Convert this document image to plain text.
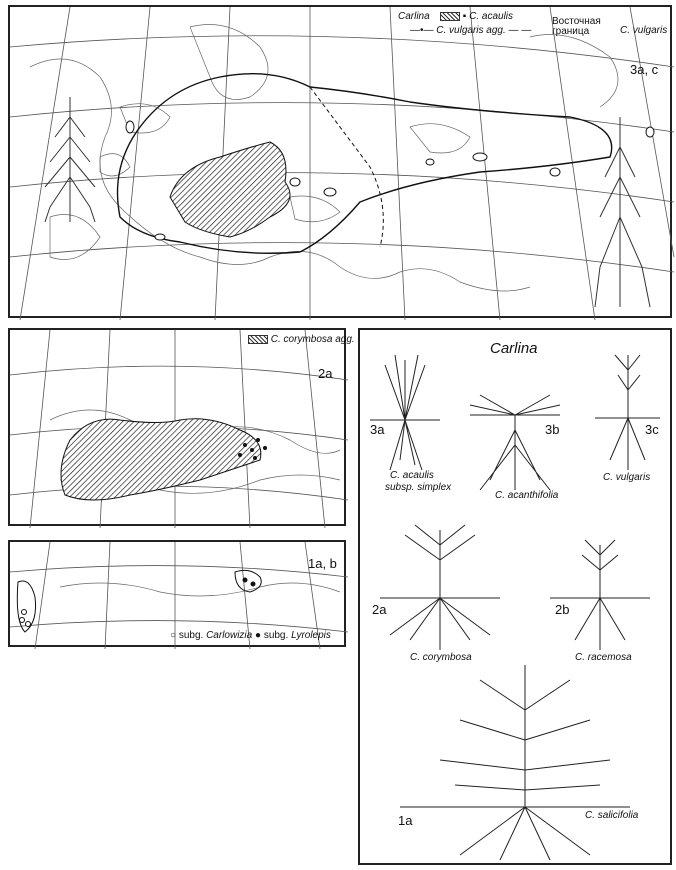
Carlina	▪ C. acaulis
—•— C. vulgaris agg. — —
Восточная
граница	C. vulgaris
3a, c
C. corymbosa agg.
2a
1a, b
○ subg. Carlowizia ● subg. Lyrolepis
Carlina
3a
C. acaulis
subsp. simplex
3b
C. acanthifolia
3c
C. vulgaris
2a
C. corymbosa
2b
C. racemosa
1a	C. salicifolia
